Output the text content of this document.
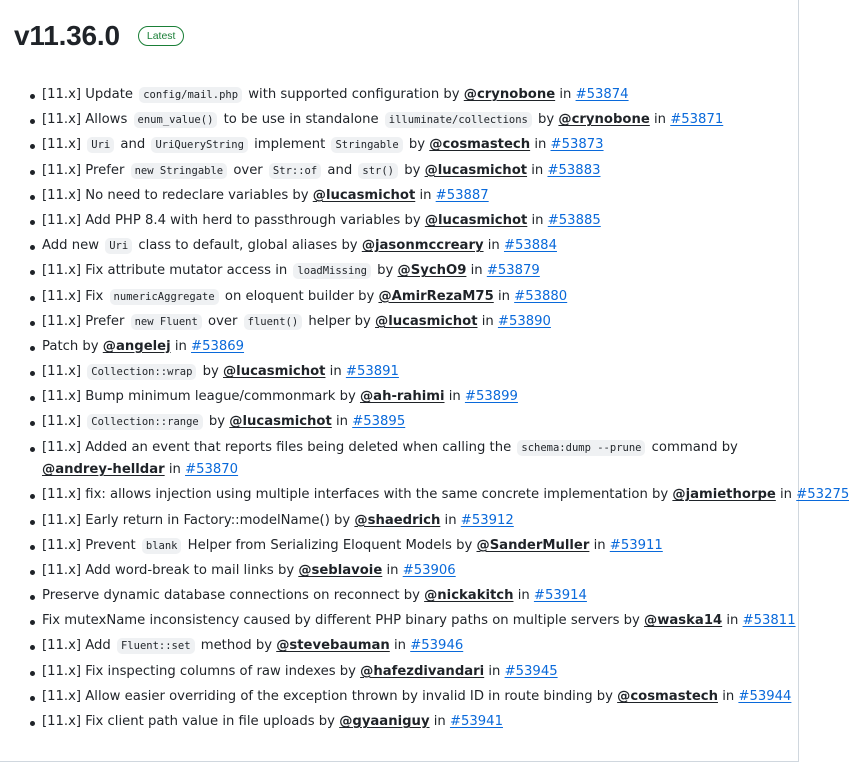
v11.36.0	Latest
[11.x] Update config/mail.php with supported configuration by @crynobone in #53874
[11.x] Allows enum_value() to be use in standalone illuminate/collections by @crynobone in #53871
[11.x] Uri and UriQueryString implement Stringable by @cosmastech in #53873
[11.x] Prefer new Stringable over Str::of and str() by @lucasmichot in #53883
[11.x] No need to redeclare variables by @lucasmichot in #53887
[11.x] Add PHP 8.4 with herd to passthrough variables by @lucasmichot in #53885
Add new Uri class to default, global aliases by @jasonmccreary in #53884
[11.x] Fix attribute mutator access in loadMissing by @SychO9 in #53879
[11.x] Fix numericAggregate on eloquent builder by @AmirRezaM75 in #53880
[11.x] Prefer new Fluent over fluent() helper by @lucasmichot in #53890
Patch by @angelej in #53869
[11.x] Collection::wrap by @lucasmichot in #53891
[11.x] Bump minimum league/commonmark by @ah-rahimi in #53899
[11.x] Collection::range by @lucasmichot in #53895
[11.x] Added an event that reports files being deleted when calling the schema:dump --prune command by @andrey-helldar in #53870
[11.x] fix: allows injection using multiple interfaces with the same concrete implementation by @jamiethorpe in #53275
[11.x] Early return in Factory::modelName() by @shaedrich in #53912
[11.x] Prevent blank Helper from Serializing Eloquent Models by @SanderMuller in #53911
[11.x] Add word-break to mail links by @seblavoie in #53906
Preserve dynamic database connections on reconnect by @nickakitch in #53914
Fix mutexName inconsistency caused by different PHP binary paths on multiple servers by @waska14 in #53811
[11.x] Add Fluent::set method by @stevebauman in #53946
[11.x] Fix inspecting columns of raw indexes by @hafezdivandari in #53945
[11.x] Allow easier overriding of the exception thrown by invalid ID in route binding by @cosmastech in #53944
[11.x] Fix client path value in file uploads by @gyaaniguy in #53941
